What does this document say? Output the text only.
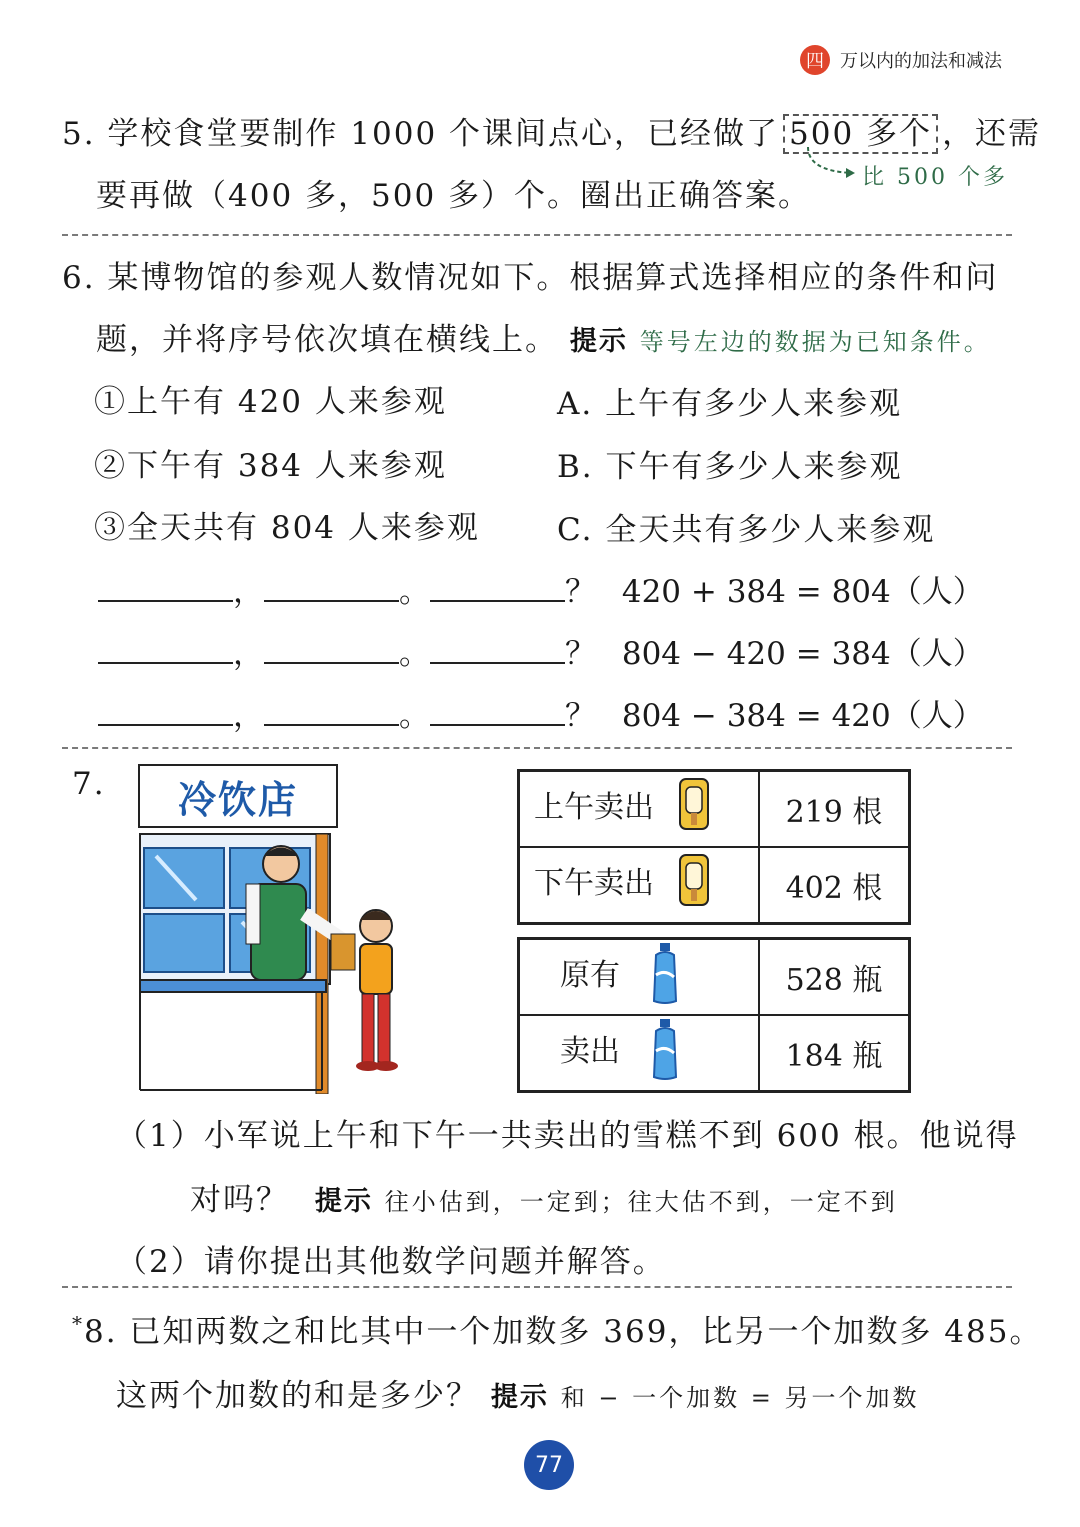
四 万以内的加法和减法
5. 学校食堂要制作 1000 个课间点心，已经做了 500 多个 ，还需
要再做（400 多，500 多）个。圈出正确答案。
比 500 个多
6. 某博物馆的参观人数情况如下。根据算式选择相应的条件和问
题，并将序号依次填在横线上。 提示 等号左边的数据为已知条件。
①上午有 420 人来参观
②下午有 384 人来参观
③全天共有 804 人来参观
A. 上午有多少人来参观
B. 下午有多少人来参观
C. 全天共有多少人来参观
，	。	？ 420 + 384 = 804（人）
，	。	？ 804 − 420 = 384（人）
，	。	？ 804 − 384 = 420（人）
7. 冷饮店	上午卖出	219 根
下午卖出	402 根
原有	528 瓶
卖出	184 瓶
（1）小军说上午和下午一共卖出的雪糕不到 600 根。他说得
对吗？ 提示 往小估到，一定到；往大估不到，一定不到
（2）请你提出其他数学问题并解答。
*8. 已知两数之和比其中一个加数多 369，比另一个加数多 485。
这两个加数的和是多少？ 提示 和 − 一个加数 = 另一个加数
77
